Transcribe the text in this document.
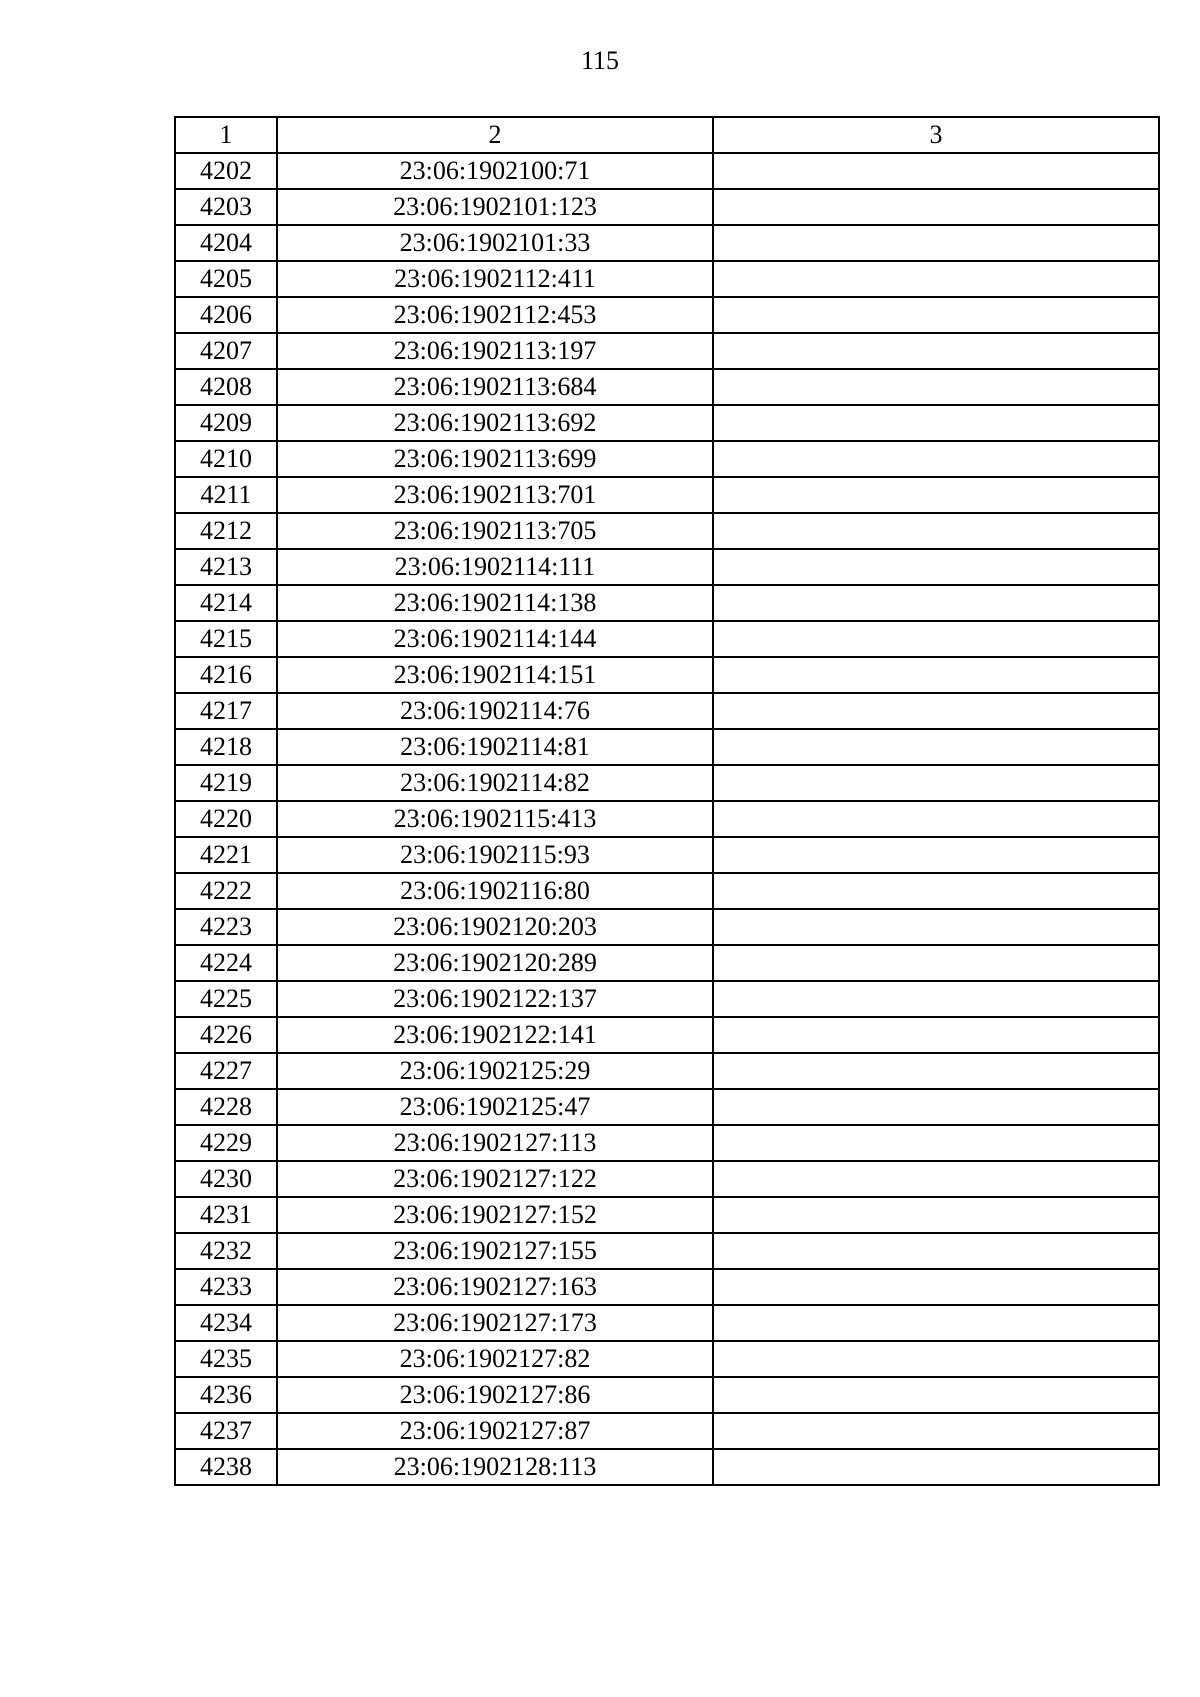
115
1	2	3
4202	23:06:1902100:71	
4203	23:06:1902101:123	
4204	23:06:1902101:33	
4205	23:06:1902112:411	
4206	23:06:1902112:453	
4207	23:06:1902113:197	
4208	23:06:1902113:684	
4209	23:06:1902113:692	
4210	23:06:1902113:699	
4211	23:06:1902113:701	
4212	23:06:1902113:705	
4213	23:06:1902114:111	
4214	23:06:1902114:138	
4215	23:06:1902114:144	
4216	23:06:1902114:151	
4217	23:06:1902114:76	
4218	23:06:1902114:81	
4219	23:06:1902114:82	
4220	23:06:1902115:413	
4221	23:06:1902115:93	
4222	23:06:1902116:80	
4223	23:06:1902120:203	
4224	23:06:1902120:289	
4225	23:06:1902122:137	
4226	23:06:1902122:141	
4227	23:06:1902125:29	
4228	23:06:1902125:47	
4229	23:06:1902127:113	
4230	23:06:1902127:122	
4231	23:06:1902127:152	
4232	23:06:1902127:155	
4233	23:06:1902127:163	
4234	23:06:1902127:173	
4235	23:06:1902127:82	
4236	23:06:1902127:86	
4237	23:06:1902127:87	
4238	23:06:1902128:113	
